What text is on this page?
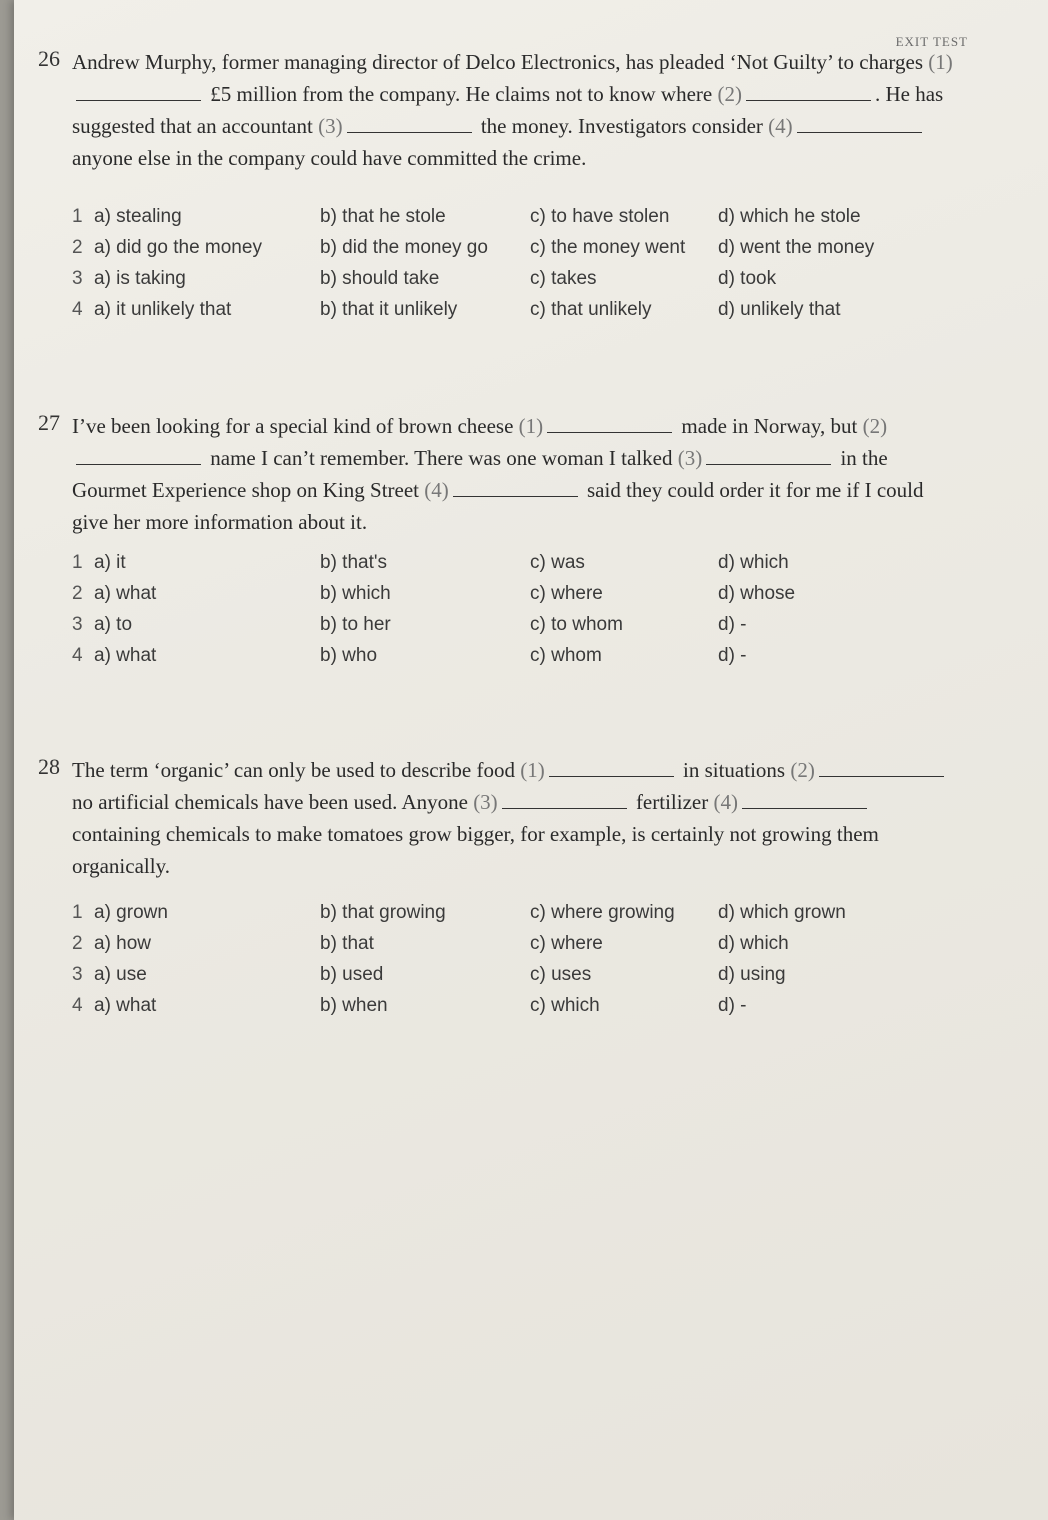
EXIT TEST
26 Andrew Murphy, former managing director of Delco Electronics, has pleaded ‘Not Guilty’ to charges (1) £5 million from the company. He claims not to know where (2)	. He has suggested that an accountant (3)	the money. Investigators consider (4) anyone else in the company could have committed the crime.
1 a) stealing	b) that he stole	c) to have stolen	d) which he stole
2 a) did go the money	b) did the money go c) the money went d) went the money
3 a) is taking	b) should take	c) takes	d) took
4 a) it unlikely that	b) that it unlikely	c) that unlikely	d) unlikely that
27 I’ve been looking for a special kind of brown cheese (1)	made in Norway, but (2) name I can’t remember. There was one woman I talked (3)	in the Gourmet Experience shop on King Street (4)	said they could order it for me if I could give her more information about it.
1 a) it	b) that's	c) was	d) which
2 a) what	b) which	c) where	d) whose
3 a) to	b) to her	c) to whom	d) -
4 a) what	b) who	c) whom	d) -
28 The term ‘organic’ can only be used to describe food (1)	in situations (2) no artificial chemicals have been used. Anyone (3)	fertilizer (4) containing chemicals to make tomatoes grow bigger, for example, is certainly not growing them organically.
1 a) grown	b) that growing	c) where growing d) which grown
2 a) how	b) that	c) where	d) which
3 a) use	b) used	c) uses	d) using
4 a) what	b) when	c) which	d) -
